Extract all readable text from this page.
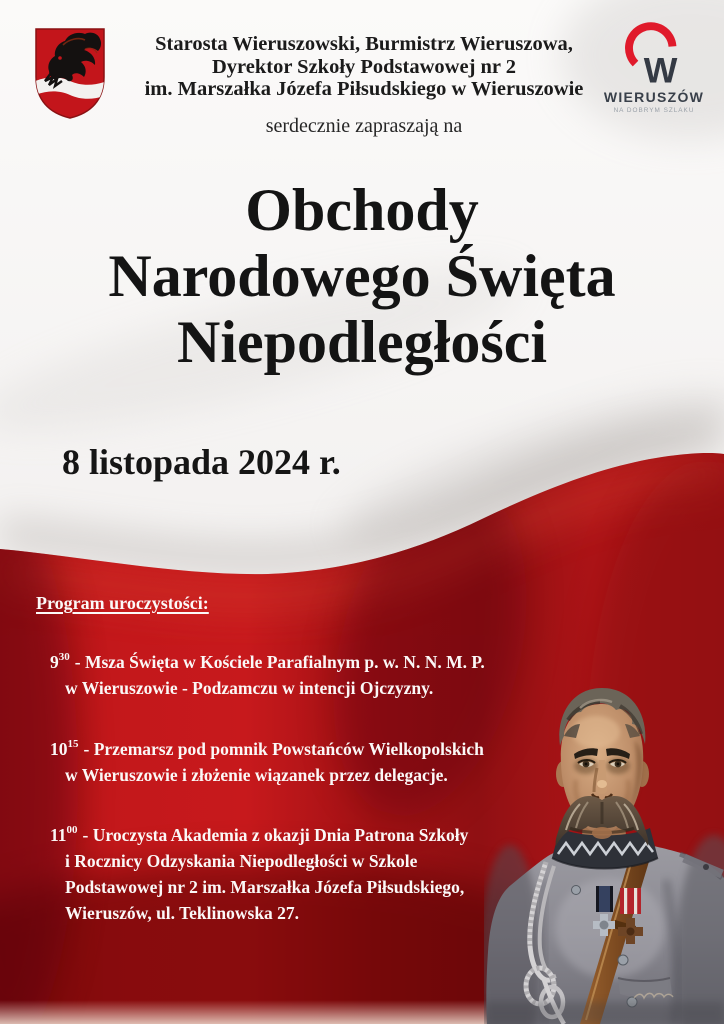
Starosta Wieruszowski, Burmistrz Wieruszowa,
Dyrektor Szkoły Podstawowej nr 2
im. Marszałka Józefa Piłsudskiego w Wieruszowie
serdecznie zapraszają na
W
WIERUSZÓW
NA DOBRYM SZLAKU
Obchody
Narodowego Święta
Niepodległości
8 listopada 2024 r.
Program uroczystości:
$9^{30}$ - Msza Święta w Kościele Parafialnym p. w. N. N. M. P.
w Wieruszowie - Podzamczu w intencji Ojczyzny.
$10^{15}$ - Przemarsz pod pomnik Powstańców Wielkopolskich
w Wieruszowie i złożenie wiązanek przez delegacje.
$11^{00}$ - Uroczysta Akademia z okazji Dnia Patrona Szkoły
i Rocznicy Odzyskania Niepodległości w Szkole
Podstawowej nr 2 im. Marszałka Józefa Piłsudskiego,
Wieruszów, ul. Teklinowska 27.
